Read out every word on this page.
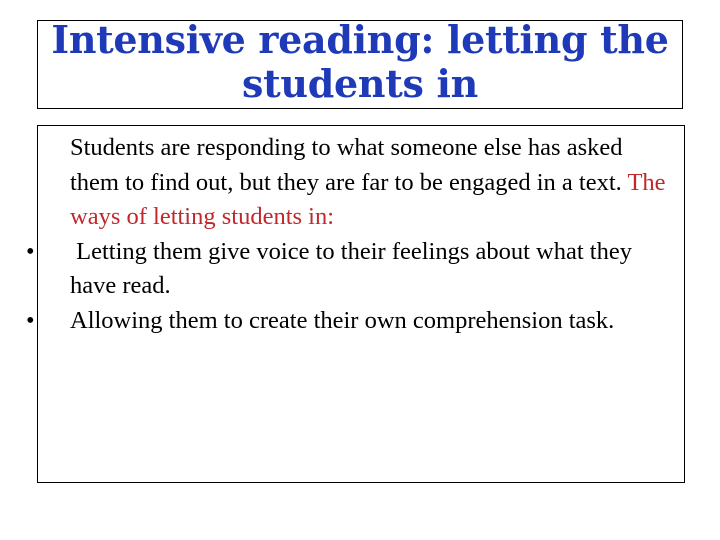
Intensive reading: letting the
students in

Students are responding to what someone else has asked them to find out, but they are far to be engaged in a text. The ways of letting students in:

• Letting them give voice to their feelings about what they have read.

• Allowing them to create their own comprehension task.
